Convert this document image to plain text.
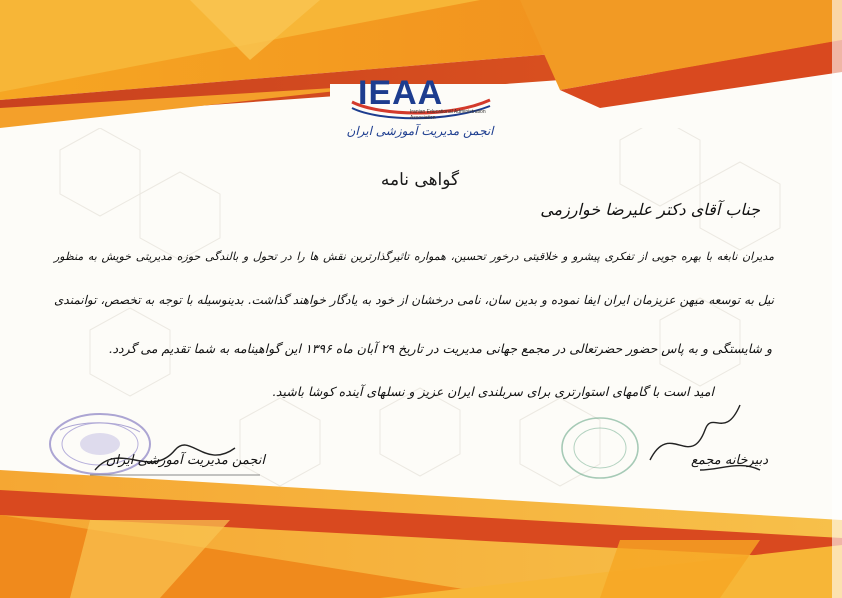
IEAA
Iranian Educational Administration Association
انجمن مدیریت آموزشی ایران
گواهی نامه
جناب آقای دکتر علیرضا خوارزمی
مدیران نابغه با بهره جویی از تفکری پیشرو و خلاقیتی درخور تحسین، همواره تاثیرگذارترین نقش ها را در تحول و بالندگی حوزه مدیریتی خویش به منظور
نیل به توسعه میهن عزیزمان ایران ایفا نموده و بدین سان، نامی درخشان از خود به یادگار خواهند گذاشت. بدینوسیله با توجه به تخصص، توانمندی
و شایستگی و به پاس حضور حضرتعالی در مجمع جهانی مدیریت در تاریخ ۲۹ آبان ماه ۱۳۹۶ این گواهینامه به شما تقدیم می گردد.
امید است با گامهای استوارتری برای سربلندی ایران عزیز و نسلهای آینده کوشا باشید.
انجمن مدیریت آموزشی ایران	دبیرخانه مجمع
